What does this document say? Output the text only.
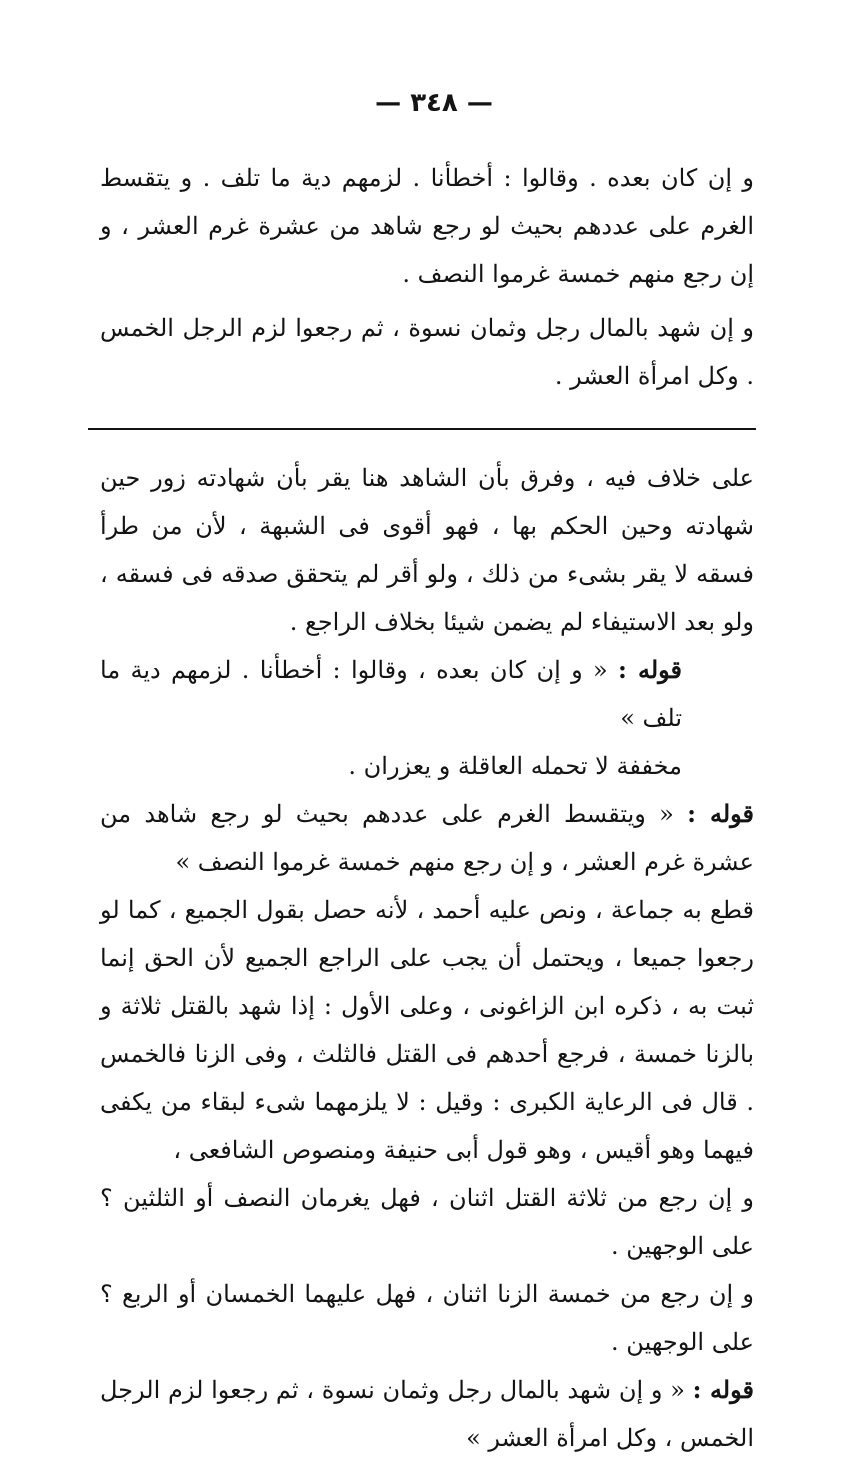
— ٣٤٨ —

و إن كان بعده . وقالوا : أخطأنا . لزمهم دية ما تلف . و يتقسط الغرم على عددهم بحيث لو رجع شاهد من عشرة غرم العشر ، و إن رجع منهم خمسة غرموا النصف .

و إن شهد بالمال رجل وثمان نسوة ، ثم رجعوا لزم الرجل الخمس . وكل امرأة العشر .

على خلاف فيه ، وفرق بأن الشاهد هنا يقر بأن شهادته زور حين شهادته وحين الحكم بها ، فهو أقوى فى الشبهة ، لأن من طرأ فسقه لا يقر بشىء من ذلك ، ولو أقر لم يتحقق صدقه فى فسقه ، ولو بعد الاستيفاء لم يضمن شيئا بخلاف الراجع .

قوله : « و إن كان بعده ، وقالوا : أخطأنا . لزمهم دية ما تلف »

مخففة لا تحمله العاقلة و يعزران .

قوله : « ويتقسط الغرم على عددهم بحيث لو رجع شاهد من عشرة غرم العشر ، و إن رجع منهم خمسة غرموا النصف »

قطع به جماعة ، ونص عليه أحمد ، لأنه حصل بقول الجميع ، كما لو رجعوا جميعا ، ويحتمل أن يجب على الراجع الجميع لأن الحق إنما ثبت به ، ذكره ابن الزاغونى ، وعلى الأول : إذا شهد بالقتل ثلاثة و بالزنا خمسة ، فرجع أحدهم فى القتل فالثلث ، وفى الزنا فالخمس . قال فى الرعاية الكبرى : وقيل : لا يلزمهما شىء لبقاء من يكفى فيهما وهو أقيس ، وهو قول أبى حنيفة ومنصوص الشافعى ،

و إن رجع من ثلاثة القتل اثنان ، فهل يغرمان النصف أو الثلثين ؟ على الوجهين .

و إن رجع من خمسة الزنا اثنان ، فهل عليهما الخمسان أو الربع ؟ على الوجهين .

قوله : « و إن شهد بالمال رجل وثمان نسوة ، ثم رجعوا لزم الرجل الخمس ، وكل امرأة العشر »
